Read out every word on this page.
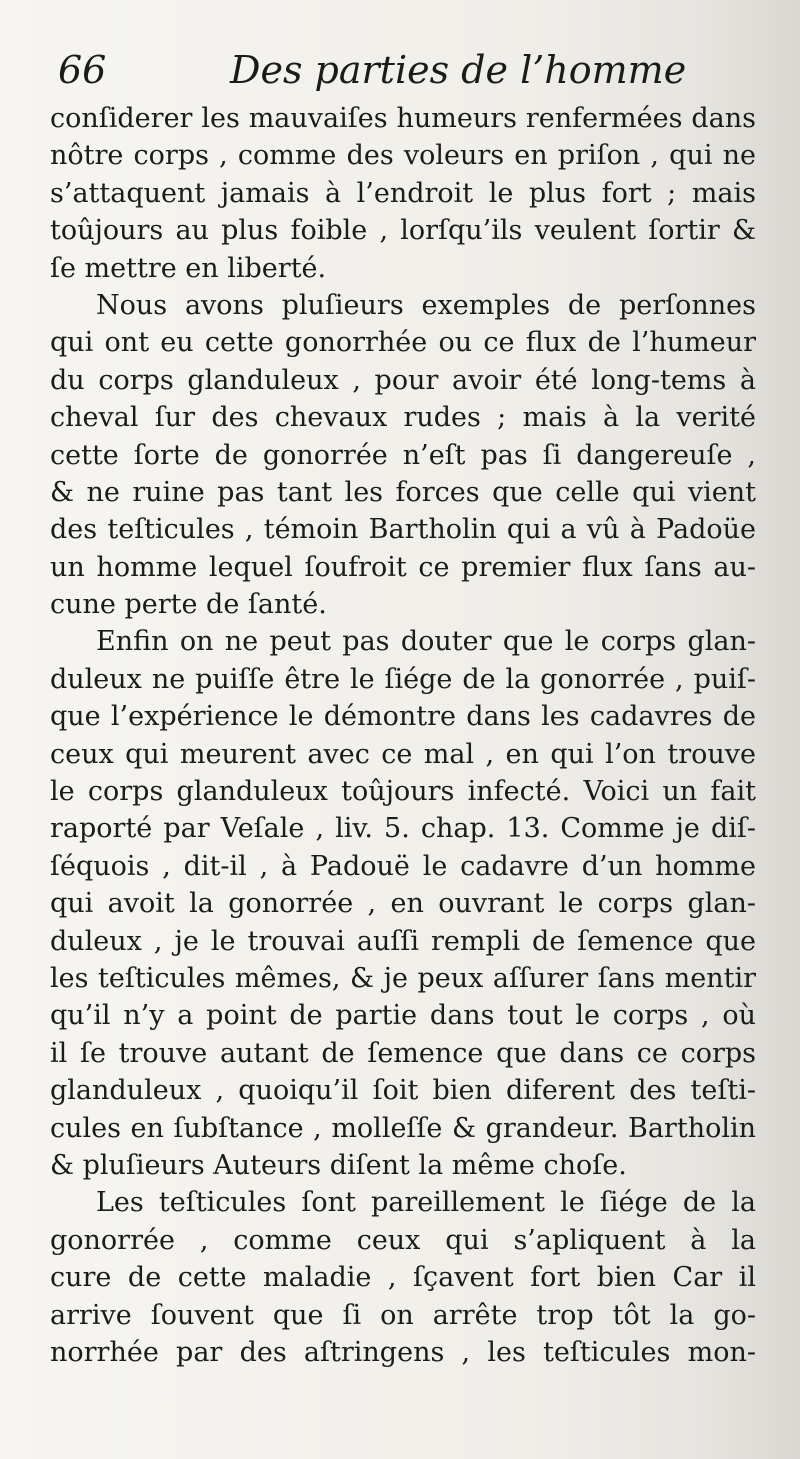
66	Des parties de l’homme
conſiderer les mauvaiſes humeurs renfermées dans
nôtre corps , comme des voleurs en priſon , qui ne
s’attaquent jamais à l’endroit le plus fort ; mais
toûjours au plus foible , lorſqu’ils veulent ſortir &
ſe mettre en liberté.
Nous avons pluſieurs exemples de perſonnes
qui ont eu cette gonorrhée ou ce flux de l’humeur
du corps glanduleux , pour avoir été long-tems à
cheval ſur des chevaux rudes ; mais à la verité
cette ſorte de gonorrée n’eſt pas ſi dangereuſe ,
& ne ruine pas tant les forces que celle qui vient
des teſticules , témoin Bartholin qui a vû à Padoüe
un homme lequel ſoufroit ce premier flux ſans au-
cune perte de ſanté.
Enfin on ne peut pas douter que le corps glan-
duleux ne puiſſe être le ſiége de la gonorrée , puiſ-
que l’expérience le démontre dans les cadavres de
ceux qui meurent avec ce mal , en qui l’on trouve
le corps glanduleux toûjours infecté. Voici un fait
raporté par Veſale , liv. 5. chap. 13. Comme je diſ-
ſéquois , dit-il , à Padouë le cadavre d’un homme
qui avoit la gonorrée , en ouvrant le corps glan-
duleux , je le trouvai auſſi rempli de ſemence que
les teſticules mêmes, & je peux aſſurer ſans mentir
qu’il n’y a point de partie dans tout le corps , où
il ſe trouve autant de ſemence que dans ce corps
glanduleux , quoiqu’il ſoit bien diferent des teſti-
cules en ſubſtance , molleſſe & grandeur. Bartholin
& pluſieurs Auteurs diſent la même choſe.
Les teſticules ſont pareillement le ſiége de la
gonorrée , comme ceux qui s’apliquent à la
cure de cette maladie , ſçavent fort bien Car il
arrive ſouvent que ſi on arrête trop tôt la go-
norrhée par des aſtringens , les teſticules mon-
